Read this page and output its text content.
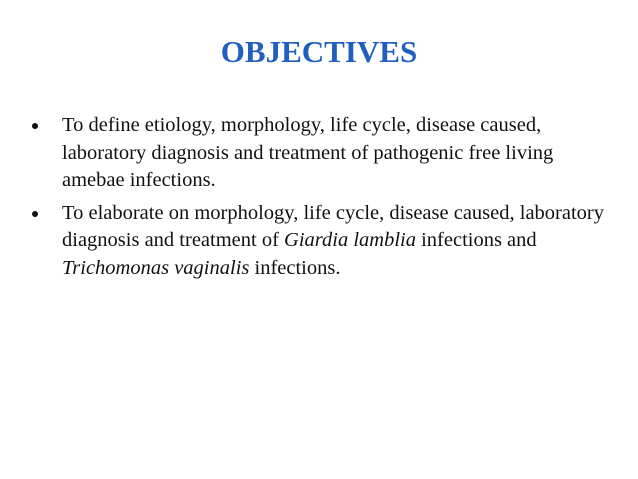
OBJECTIVES
To define etiology, morphology, life cycle, disease caused, laboratory diagnosis and treatment of pathogenic free living amebae infections.
To elaborate on morphology, life cycle, disease caused, laboratory diagnosis and treatment of Giardia lamblia infections and Trichomonas vaginalis infections.
